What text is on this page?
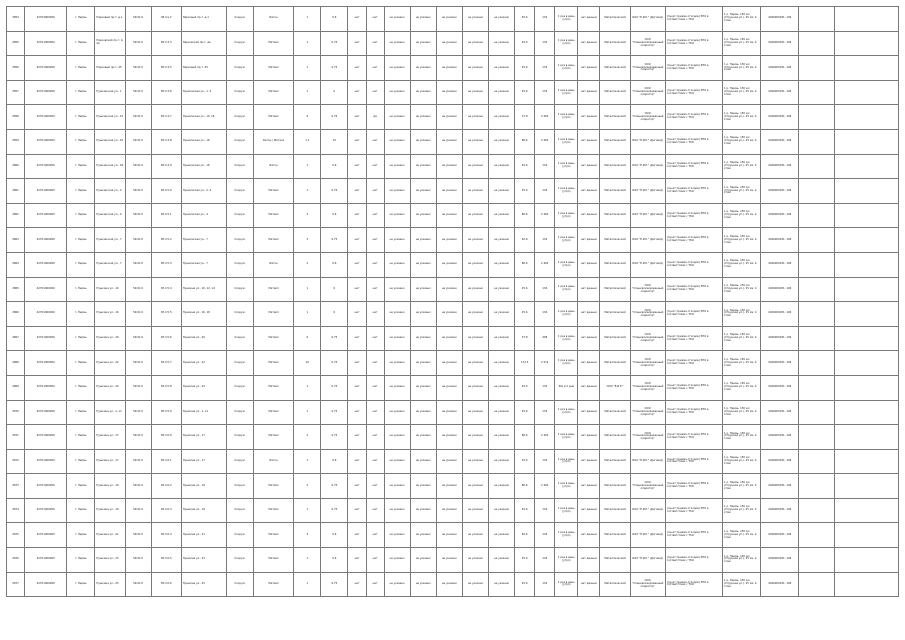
2854	42704000000	г. Пермь	Парковый пр-т, д.1	59:01:0	38:4 в 2	Парковый пр-т, д.1	Сооруж.	Бетон	1	0,6	нет	нет	не указано	не указано	не указано	не указано	не указано	25,6	134	1 раз в день (утро)	нет данных	Металлический	ООО "Е.И.Р." (Договор)	(пункт приема отходов) ЗПО в соответствии с ТКО	1 р. Пермь, 150 км (Струнная ул.), 25 км; 4 этаж	4026000031; 106		
2855	42701000000	г. Пермь	Парковский пр-т, 4, 4а	59:01:0	38:4 4:3	Парковский пр-т, 4а	Сооруж.	Металл	1	0,75	нет	нет	не указано	не указано	не указано	не указано	не указано	25,6	134	1 раз в день (утро)	нет данных	Металлический	ООО "Специализированный оператор"	(пункт приема отходов) ЗПО в соответствии с ТКО	1 р. Пермь, 150 км (Струнная ул.), 25 км; 4 этаж	4026000031; 106		
2856	42701000000	г. Пермь	Парковый пр-т, 45	59:01:0	38:4 4:5	Парковый пр-т, 45	Сооруж.	Металл	1	0,75	нет	нет	не указано	не указано	не указано	не указано	не указано	25,6	134	1 раз в день (утро)	нет данных	Металлический	ООО "Специализированный оператор"	(пункт приема отходов) ЗПО в соответствии с ТКО	1 р. Пермь, 150 км (Струнная ул.), 25 км; 4 этаж	4026000031; 106		
2857	42701000000	г. Пермь	Пушкинская ул., 1	59:01:0	38:4 4:6	Пушкинская ул., 1, 3	Сооруж.	Металл	1	0	нет	нет	не указано	не указано	не указано	не указано	не указано	25,6	134	1 раз в день (утро)	нет данных	Металлический	ООО "Специализированный оператор"	(пункт приема отходов) ЗПО в соответствии с ТКО	1 р. Пермь, 150 км (Струнная ул.), 25 км; 4 этаж	4026000031; 106		
2858	42701000000	г. Пермь	Пушкинская ул., 15	59:01:0	38:4 4:7	Пушкинская ул., 15, 16	Сооруж.	Металл	6	0,75	нет	да	не указано	не указано	не указано	не указано	не указано	37,8	2 462	1 раз в день (утро)	нет данных	Металлический	ООО "Специализированный оператор"	(пункт приема отходов) ЗПО в соответствии с ТКО	1 р. Пермь, 150 км (Струнная ул.), 25 км; 4 этаж	4026000031; 106		
2859	42701000000	г. Пермь	Пушкинская ул., 16	59:01:0	38:4 4:8	Пушкинская ул., 16	Сооруж.	Бетон / Металл	1,1	10	нет	нет	не указано	не указано	не указано	не указано	не указано	86,6	2 462	1 раз в день (утро)	нет данных	Металлический	ООО "Е.И.Р." (Договор)	(пункт приема отходов) ЗПО в соответствии с ТКО	1 р. Пермь, 150 км (Струнная ул.), 25 км; 4 этаж	4026000031; 106		
2860	42701000000	г. Пермь	Пушкинская ул., 18	59:01:0	38:4 4:9	Пушкинская ул., 18	Сооруж.	Бетон	1	0,6	нет	нет	не указано	не указано	не указано	не указано	не указано	25,6	134	1 раз в день (утро)	нет данных	Металлический	ООО "Е.И.Р." (Договор)	(пункт приема отходов) ЗПО в соответствии с ТКО	1 р. Пермь, 150 км (Струнная ул.), 25 км; 4 этаж	4026000031; 106		
2861	42701000000	г. Пермь	Пушкинская ул., 2	59:01:0	38:4 5:0	Пушкинская ул., 2, 4	Сооруж.	Металл	1	0,75	нет	нет	не указано	не указано	не указано	не указано	не указано	25,6	134	1 раз в день (утро)	нет данных	Металлический	ООО "Е.И.Р." (Договор)	(пункт приема отходов) ЗПО в соответствии с ТКО	1 р. Пермь, 150 км (Струнная ул.), 25 км; 4 этаж	4026000031; 106		
2862	42701000000	г. Пермь	Пушкинская ул., 4	59:01:0	38:4 5:1	Пушкинская ул., 4	Сооруж.	Металл	2	0,6	нет	нет	не указано	не указано	не указано	не указано	не указано	86,6	2 462	1 раз в день (утро)	нет данных	Металлический	ООО "Е.И.Р." (Договор)	(пункт приема отходов) ЗПО в соответствии с ТКО	1 р. Пермь, 150 км (Струнная ул.), 25 км; 4 этаж	4026000031; 106		
2863	42701000000	г. Пермь	Пушкинская ул., 7	59:01:0	38:4 5:2	Пушкинская ул., 7	Сооруж.	Металл	3	0,75	нет	нет	не указано	не указано	не указано	не указано	не указано	40,6	134	1 раз в день (утро)	нет данных	Металлический	ООО "Е.И.Р." (Договор)	(пункт приема отходов) ЗПО в соответствии с ТКО	1 р. Пермь, 150 км (Струнная ул.), 25 км; 4 этаж	4026000031; 106		
2864	42701000000	г. Пермь	Пушкинская ул., 7	59:01:0	38:4 5:3	Пушкинская ул., 7	Сооруж.	Бетон	2	0,6	нет	нет	не указано	не указано	не указано	не указано	не указано	86,6	2 462	1 раз в день (утро)	нет данных	Металлический	ООО "Е.И.Р." (Договор)	(пункт приема отходов) ЗПО в соответствии с ТКО	1 р. Пермь, 150 км (Струнная ул.), 25 км; 4 этаж	4026000031; 106		
2865	42701000000	г. Пермь	Пушкина ул., 10	59:01:0	38:4 5:4	Пушкина ул., 10, 12, 14	Сооруж.	Металл	1	0	нет	нет	не указано	не указано	не указано	не указано	не указано	25,6	134	1 раз в день (утро)	нет данных	Металлический	ООО "Специализированный оператор"	(пункт приема отходов) ЗПО в соответствии с ТКО	1 р. Пермь, 150 км (Струнная ул.), 25 км; 4 этаж	4026000031; 106		
2866	42701000000	г. Пермь	Пушкина ул., 16	59:01:0	38:4 5:5	Пушкина ул., 16, 18	Сооруж.	Металл	1	0	нет	нет	не указано	не указано	не указано	не указано	не указано	25,6	134	1 раз в день (утро)	нет данных	Металлический	ООО "Специализированный оператор"	(пункт приема отходов) ЗПО в соответствии с ТКО	1 р. Пермь, 150 км (Струнная ул.), 25 км; 4 этаж	4026000031; 106		
2867	42701000000	г. Пермь	Пушкина ул., 20	59:01:0	38:4 5:6	Пушкина ул., 20	Сооруж.	Металл	6	0,75	нет	нет	не указано	не указано	не указано	не указано	не указано	37,8	498	1 раз в день (утро)	нет данных	Металлический	ООО "Специализированный оператор"	(пункт приема отходов) ЗПО в соответствии с ТКО	1 р. Пермь, 150 км (Струнная ул.), 25 км; 4 этаж	4026000031; 106		
2868	42701000000	г. Пермь	Пушкина ул., 22	59:01:0	38:4 5:7	Пушкина ул., 22	Сооруж.	Металл	10	0,75	нет	нет	не указано	не указано	не указано	не указано	не указано	172,5	2 514	1 раз в день (утро)	нет данных	Металлический	ООО "Специализированный оператор"	(пункт приема отходов) ЗПО в соответствии с ТКО	1 р. Пермь, 150 км (Струнная ул.), 25 км; 4 этаж	4026000031; 106		
2869	42701000000	г. Пермь	Пушкина ул., 24	59:01:0	38:4 5:8	Пушкина ул., 24	Сооруж.	Металл	1	0,75	нет	нет	не указано	не указано	не указано	не указано	не указано	25,6	134	Раз в 2 дня	нет данных	ООО "Е.И.Р."	ООО "Специализированный оператор"	(пункт приема отходов) ЗПО в соответствии с ТКО	1 р. Пермь, 150 км (Струнная ул.), 25 км; 4 этаж	4026000031; 106		
2870	42701000000	г. Пермь	Пушкина ул., 1, к1	59:01:0	38:4 5:9	Пушкина ул., 1, к1	Сооруж.	Металл	1	0,75	нет	нет	не указано	не указано	не указано	не указано	не указано	25,6	134	1 раз в день (утро)	нет данных	Металлический	ООО "Специализированный оператор"	(пункт приема отходов) ЗПО в соответствии с ТКО	1 р. Пермь, 150 км (Струнная ул.), 25 км; 4 этаж	4026000031; 106		
2871	42701000000	г. Пермь	Пушкина ул., 17	59:01:0	38:4 6:0	Пушкина ул., 17	Сооруж.	Металл	2	0,75	нет	нет	не указано	не указано	не указано	не указано	не указано	86,6	2 462	1 раз в день (утро)	нет данных	Металлический	ООО "Специализированный оператор"	(пункт приема отходов) ЗПО в соответствии с ТКО	1 р. Пермь, 150 км (Струнная ул.), 25 км; 4 этаж	4026000031; 106		
2872	42701000000	г. Пермь	Пушкина ул., 17	59:01:0	38:4 6:1	Пушкина ул., 17	Сооруж.	Бетон	1	0,6	нет	нет	не указано	не указано	не указано	не указано	не указано	25,6	134	1 раз в день (утро)	нет данных	Металлический	ООО "Е.И.Р." (Договор)	(пункт приема отходов) ЗПО в соответствии с ТКО	1 р. Пермь, 150 км (Струнная ул.), 25 км; 4 этаж	4026000031; 106		
2873	42701000000	г. Пермь	Пушкина ул., 19	59:01:0	38:4 6:2	Пушкина ул., 19	Сооруж.	Металл	2	0,75	нет	нет	не указано	не указано	не указано	не указано	не указано	86,6	2 462	1 раз в день (утро)	нет данных	Металлический	ООО "Специализированный оператор"	(пункт приема отходов) ЗПО в соответствии с ТКО	1 р. Пермь, 150 км (Струнная ул.), 25 км; 4 этаж	4026000031; 106		
2874	42701000000	г. Пермь	Пушкина ул., 19	59:01:0	38:4 6:3	Пушкина ул., 19	Сооруж.	Металл	1	0,75	нет	нет	не указано	не указано	не указано	не указано	не указано	25,6	134	1 раз в день (утро)	нет данных	Металлический	ООО "Е.И.Р." (Договор)	(пункт приема отходов) ЗПО в соответствии с ТКО	1 р. Пермь, 150 км (Струнная ул.), 25 км; 4 этаж	4026000031; 106		
2875	42701000000	г. Пермь	Пушкина ул., 21	59:01:0	38:4 6:4	Пушкина ул., 21	Сооруж.	Металл	3	0,6	нет	нет	не указано	не указано	не указано	не указано	не указано	40,6	134	1 раз в день (утро)	нет данных	Металлический	ООО "Е.И.Р." (Договор)	(пункт приема отходов) ЗПО в соответствии с ТКО	1 р. Пермь, 150 км (Струнная ул.), 25 км; 4 этаж	4026000031; 106		
2876	42701000000	г. Пермь	Пушкина ул., 23	59:01:0	38:4 6:5	Пушкина ул., 23	Сооруж.	Металл	1	0,6	нет	нет	не указано	не указано	не указано	не указано	не указано	25,6	134	1 раз в день (утро)	нет данных	Металлический	ООО "Е.И.Р." (Договор)	(пункт приема отходов) ЗПО в соответствии с ТКО	1 р. Пермь, 150 км (Струнная ул.), 25 км; 4 этаж	4026000031; 106		
2877	42701000000	г. Пермь	Пушкина ул., 25	59:01:0	38:4 6:6	Пушкина ул., 25	Сооруж.	Металл	1	0,75	нет	нет	не указано	не указано	не указано	не указано	не указано	25,6	134	1 раз в день (утро)	нет данных	Металлический	ООО "Специализированный оператор"	(пункт приема отходов) ЗПО в соответствии с ТКО	1 р. Пермь, 150 км (Струнная ул.), 25 км; 4 этаж	4026000031; 106		
